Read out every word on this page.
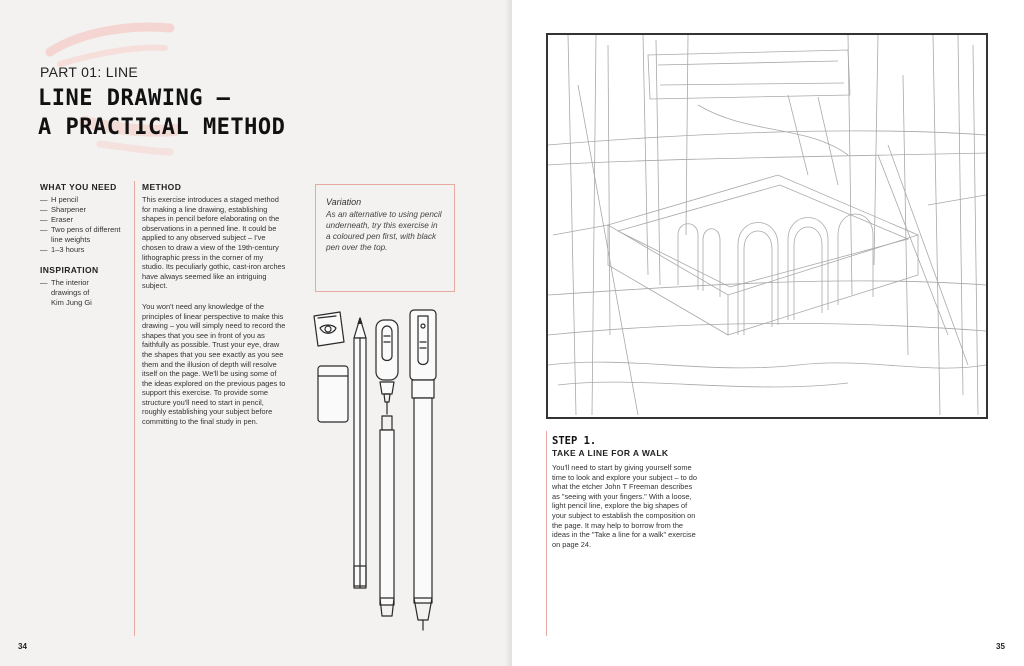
PART 01: LINE
LINE DRAWING –
A PRACTICAL METHOD
WHAT YOU NEED
— H pencil
— Sharpener
— Eraser
— Two pens of different line weights
— 1–3 hours
INSPIRATION
— The interior drawings of Kim Jung Gi
METHOD

This exercise introduces a staged method for making a line drawing, establishing shapes in pencil before elaborating on the observations in a penned line. It could be applied to any observed subject – I've chosen to draw a view of the 19th-century lithographic press in the corner of my studio. Its peculiarly gothic, cast-iron arches have always seemed like an intriguing subject.

You won't need any knowledge of the principles of linear perspective to make this drawing – you will simply need to record the shapes that you see in front of you as faithfully as possible. Trust your eye, draw the shapes that you see exactly as you see them and the illusion of depth will resolve itself on the page. We'll be using some of the ideas explored on the previous pages to support this exercise. To provide some structure you'll need to start in pencil, roughly establishing your subject before committing to the final study in pen.

Variation
As an alternative to using pencil underneath, try this exercise in a coloured pen first, with black pen over the top.
34
STEP 1.
TAKE A LINE FOR A WALK
You'll need to start by giving yourself some time to look and explore your subject – to do what the etcher John T Freeman describes as "seeing with your fingers." With a loose, light pencil line, explore the big shapes of your subject to establish the composition on the page. It may help to borrow from the ideas in the "Take a line for a walk" exercise on page 24.
35
